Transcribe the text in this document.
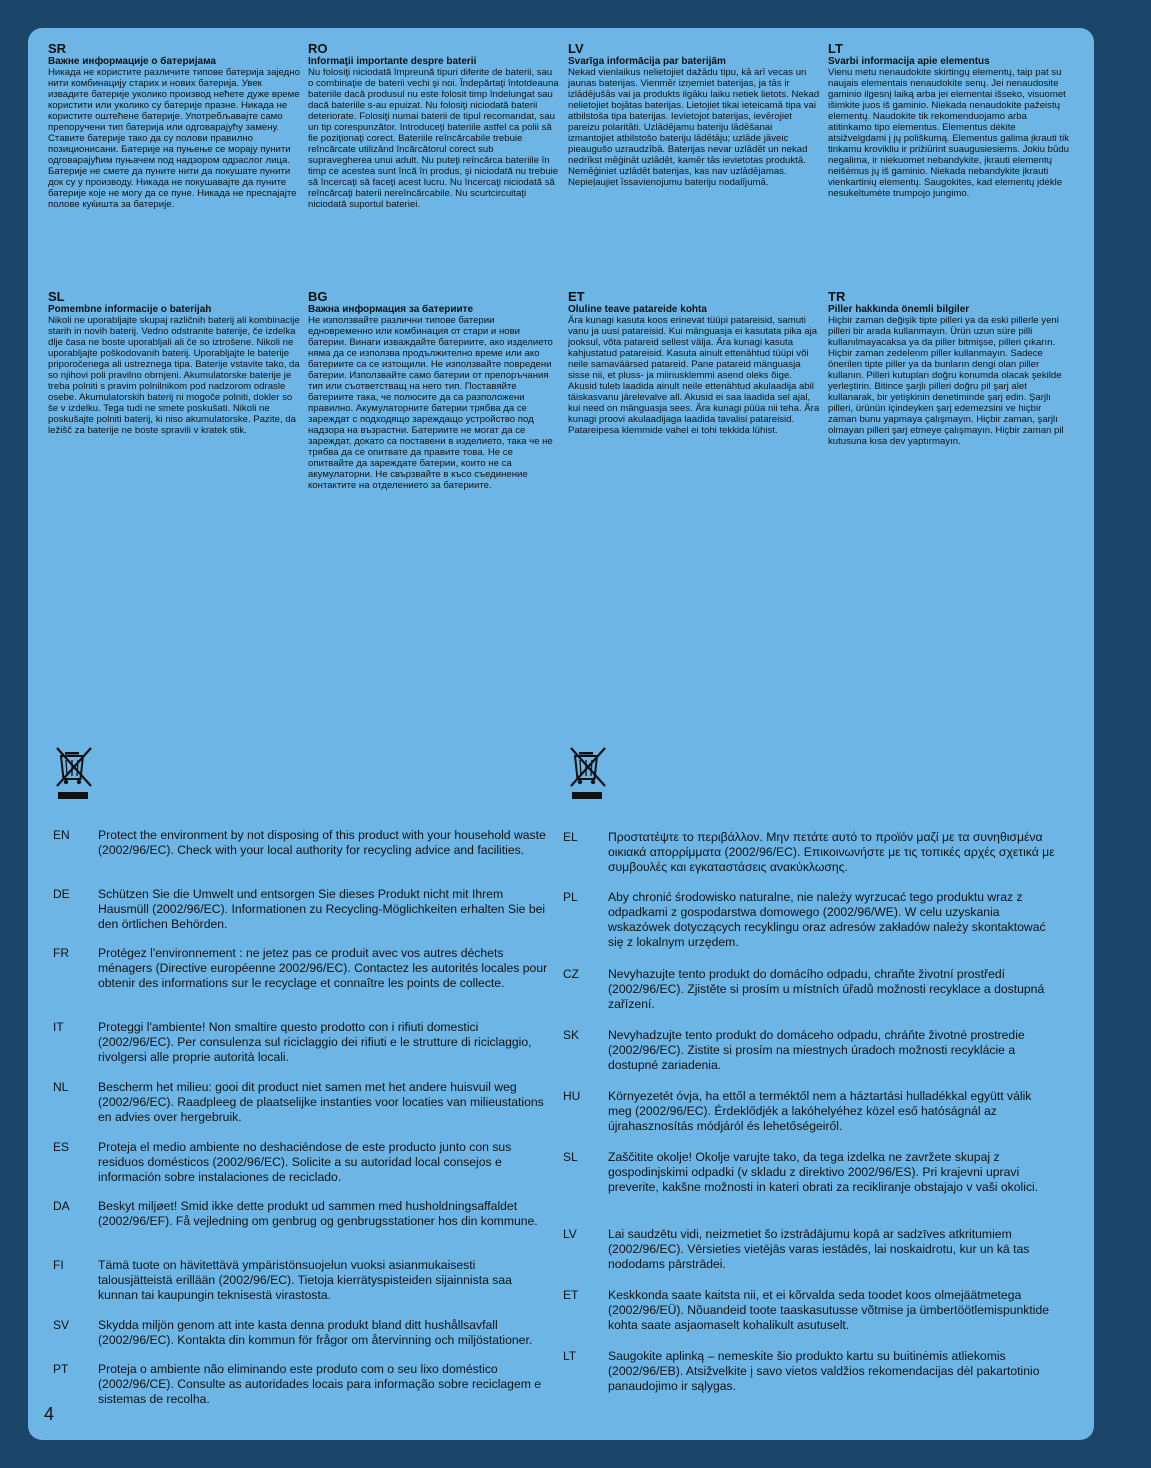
SR
Важне информације о батеријама
Никада не користите различите типове батерија заједно нити комбинацију старих и нових батерија. Увек извадите батерије уколико производ нећете дуже време користити или уколико су батерије празне. Никада не користите оштећене батерије. Употребљавајте само препоручени тип батерија или одговарајућу замену. Ставите батерије тако да су полови правилно позиционисани. Батерије на пуњење се морају пунити одговарајућим пуњачем под надзором одраслог лица. Батерије не смете да пуните нити да покушате пунити док су у производу. Никада не покушавајте да пуните батерије које не могу да се пуне. Никада не преспајајте полове куќишта за батерије.
RO
Informaţii importante despre baterii
Nu folosiţi niciodată împreună tipuri diferite de baterii, sau o combinaţie de baterii vechi şi noi. Îndepărtaţi întotdeauna bateriile dacă produsul nu este folosit timp îndelungat sau dacă bateriile s-au epuizat. Nu folosiţi niciodată baterii deteriorate. Folosiţi numai baterii de tipul recomandat, sau un tip corespunzător. Introduceţi bateriile astfel ca polii să fie poziţionaţi corect. Bateriile reîncărcabile trebuie reîncărcate utilizând încărcătorul corect sub supravegherea unui adult. Nu puteţi reîncărca bateriile în timp ce acestea sunt încă în produs, şi niciodată nu trebuie să încercaţi să faceţi acest lucru. Nu încercaţi niciodată să reîncărcaţi baterii nereîncărcabile. Nu scurtcircuitaţi niciodată suportul bateriei.
LV
Svarīga informācija par baterijām
Nekad vienlaikus nelietojiet dažādu tipu, kā arī vecas un jaunas baterijas. Vienmēr izņemiet baterijas, ja tās ir izlādējušās vai ja produkts ilgāku laiku netiek lietots. Nekad nelietojiet bojātas baterijas. Lietojiet tikai ieteicamā tipa vai atbilstoša tipa baterijas. Ievietojot baterijas, ievērojiet pareizu polaritāti. Uzlādējamu bateriju lādēšanai izmantojiet atbilstošo bateriju lādētāju; uzlāde jāveic pieaugušo uzraudzībā. Baterijas nevar uzlādēt un nekad nedrīkst mēģināt uzlādēt, kamēr tās ievietotas produktā. Nemēģiniet uzlādēt baterijas, kas nav uzlādējamas. Nepieļaujiet īssavienojumu bateriju nodalījumā.
LT
Svarbi informacija apie elementus
Vienu metu nenaudokite skirtingų elementų, taip pat su naujais elementais nenaudokite senų. Jei nenaudosite gaminio ilgesnį laiką arba jei elementai išseko, visuomet išimkite juos iš gaminio. Niekada nenaudokite pažeistų elementų. Naudokite tik rekomenduojamo arba atitinkamo tipo elementus. Elementus dėkite atsižvelgdami į jų poliškumą. Elementus galima įkrauti tik tinkamu krovikliu ir prižiūrint suaugusiesiems. Jokiu būdu negalima, ir niekuomet nebandykite, įkrauti elementų neišėmus jų iš gaminio. Niekada nebandykite įkrauti vienkartinių elementų. Saugokitės, kad elementų įdėkle nesukeltumėte trumpojo jungimo.
SL
Pomembne informacije o baterijah
Nikoli ne uporabljajte skupaj različnih baterij ali kombinacije starih in novih baterij. Vedno odstranite baterije, če izdelka dlje časa ne boste uporabljali ali če so iztrošene. Nikoli ne uporabljajte poškodovanih baterij. Uporabljajte le baterije priporočenega ali ustreznega tipa. Baterije vstavite tako, da so njihovi poli pravilno obrnjeni. Akumulatorske baterije je treba polniti s pravim polnilnikom pod nadzorom odrasle osebe. Akumulatorskih baterij ni mogoče polniti, dokler so še v izdelku. Tega tudi ne smete poskušati. Nikoli ne poskušajte polniti baterij, ki niso akumulatorske. Pazite, da ležišč za baterije ne boste spravili v kratek stik.
BG
Важна информация за батериите
Не използвайте различни типове батерии едновременно или комбинация от стари и нови батерии. Винаги изваждайте батериите, ако изделието няма да се използва продължително време или ако батериите са се изтощили. Не използвайте повредени батерии. Използвайте само батерии от препоръчания тип или съответстващ на него тип. Поставяйте батериите така, че полюсите да са разположени правилно. Акумулаторните батерии трябва да се зареждат с подходящо зареждащо устройство под надзора на възрастни. Батериите не могат да се зареждат, докато са поставени в изделието, така че не трябва да се опитвате да правите това. Не се опитвайте да зареждате батерии, които не са акумулаторни. Не свързвайте в късо съединение контактите на отделението за батериите.
ET
Oluline teave patareide kohta
Ära kunagi kasuta koos erinevat tüüpi patareisid, samuti vanu ja uusi patareisid. Kui mänguasja ei kasutata pika aja jooksul, võta patareid sellest välja. Ära kunagi kasuta kahjustatud patareisid. Kasuta ainult ettenähtud tüüpi või neile samaväärsed patareid. Pane patareid mänguasja sisse nii, et pluss- ja miinusklemmi asend oleks õige. Akusid tuleb laadida ainult neile ettenähtud akulaadija abil täiskasvanu järelevalve all. Akusid ei saa laadida sel ajal, kui need on mänguasja sees. Ära kunagi püüa nii teha. Ära kunagi proovi akulaadijaga laadida tavalisi patareisid. Patareipesa klemmide vahel ei tohi tekkida lühist.
TR
Piller hakkında önemli bilgiler
Hiçbir zaman değişik tipte pilleri ya da eski pillerle yeni pilleri bir arada kullanmayın. Ürün uzun süre pilli kullanılmayacaksa ya da piller bitmişse, pilleri çıkarın. Hiçbir zaman zedelenm piller kullanmayın. Sadece önerilen tipte piller ya da bunların dengi olan piller kullanın. Pilleri kutupları doğru konumda olacak şekilde yerleştirin. Bitince şarjlı pilleri doğru pil şarj alet kullanarak, bir yetişkinin denetiminde şarj edin. Şarjlı pilleri, ürünün içindeyken şarj edemezsini ve hiçbir zaman bunu yapmaya çalışmayın. Hiçbir zaman, şarjlı olmayan pilleri şarj etmeye çalışmayın. Hiçbir zaman pil kutusuna kısa dev yaptırmayın.
EN	Protect the environment by not disposing of this product with your household waste (2002/96/EC). Check with your local authority for recycling advice and facilities.
DE	Schützen Sie die Umwelt und entsorgen Sie dieses Produkt nicht mit Ihrem Hausmüll (2002/96/EC). Informationen zu Recycling-Möglichkeiten erhalten Sie bei den örtlichen Behörden.
FR	Protégez l'environnement : ne jetez pas ce produit avec vos autres déchets ménagers (Directive européenne 2002/96/EC). Contactez les autorités locales pour obtenir des informations sur le recyclage et connaître les points de collecte.
IT	Proteggi l'ambiente! Non smaltire questo prodotto con i rifiuti domestici (2002/96/EC). Per consulenza sul riciclaggio dei rifiuti e le strutture di riciclaggio, rivolgersi alle proprie autorità locali.
NL	Bescherm het milieu: gooi dit product niet samen met het andere huisvuil weg (2002/96/EC). Raadpleeg de plaatselijke instanties voor locaties van milieustations en advies over hergebruik.
ES	Proteja el medio ambiente no deshaciéndose de este producto junto con sus residuos domésticos (2002/96/EC). Solicite a su autoridad local consejos e información sobre instalaciones de reciclado.
DA	Beskyt miljøet! Smid ikke dette produkt ud sammen med husholdningsaffaldet (2002/96/EF). Få vejledning om genbrug og genbrugsstationer hos din kommune.
FI	Tämä tuote on hävitettävä ympäristönsuojelun vuoksi asianmukaisesti talousjätteistä erillään (2002/96/EC). Tietoja kierrätyspisteiden sijainnista saa kunnan tai kaupungin teknisestä virastosta.
SV	Skydda miljön genom att inte kasta denna produkt bland ditt hushållsavfall (2002/96/EC). Kontakta din kommun för frågor om återvinning och miljöstationer.
PT	Proteja o ambiente não eliminando este produto com o seu lixo doméstico (2002/96/CE). Consulte as autoridades locais para informação sobre reciclagem e sistemas de recolha.
EL	Προστατέψτε το περιβάλλον. Μην πετάτε αυτό το προϊόν μαζί με τα συνηθισμένα οικιακά απορρίμματα (2002/96/EC). Επικοινωνήστε με τις τοπικές αρχές σχετικά με συμβουλές και εγκαταστάσεις ανακύκλωσης.
PL	Aby chronić środowisko naturalne, nie należy wyrzucać tego produktu wraz z odpadkami z gospodarstwa domowego (2002/96/WE). W celu uzyskania wskazówek dotyczących recyklingu oraz adresów zakładów należy skontaktować się z lokalnym urzędem.
CZ	Nevyhazujte tento produkt do domácího odpadu, chraňte životní prostředí (2002/96/EC). Zjistěte si prosím u místních úřadů možnosti recyklace a dostupná zařízení.
SK	Nevyhadzujte tento produkt do domáceho odpadu, chráňte životné prostredie (2002/96/EC). Zistite si prosím na miestnych úradoch možnosti recyklácie a dostupné zariadenia.
HU	Környezetét óvja, ha ettől a terméktől nem a háztartási hulladékkal együtt válik meg (2002/96/EC). Érdeklődjék a lakóhelyéhez közel eső hatóságnál az újrahasznosítás módjáról és lehetőségeiről.
SL	Zaščitite okolje! Okolje varujte tako, da tega izdelka ne zavržete skupaj z gospodinjskimi odpadki (v skladu z direktivo 2002/96/ES). Pri krajevni upravi preverite, kakšne možnosti in kateri obrati za recikliranje obstajajo v vaši okolici.
LV	Lai saudzētu vidi, neizmetiet šo izstrādājumu kopā ar sadzīves atkritumiem (2002/96/EC). Vērsieties vietējās varas iestādēs, lai noskaidrotu, kur un kā tas nododams pārstrādei.
ET	Keskkonda saate kaitsta nii, et ei kõrvalda seda toodet koos olmejäätmetega (2002/96/EÜ). Nõuandeid toote taaskasutusse võtmise ja ümbertöötlemispunktide kohta saate asjaomaselt kohalikult asutuselt.
LT	Saugokite aplinką – nemeskite šio produkto kartu su buitinėmis atliekomis (2002/96/EB). Atsižvelkite į savo vietos valdžios rekomendacijas dėl pakartotinio panaudojimo ir sąlygas.
4
